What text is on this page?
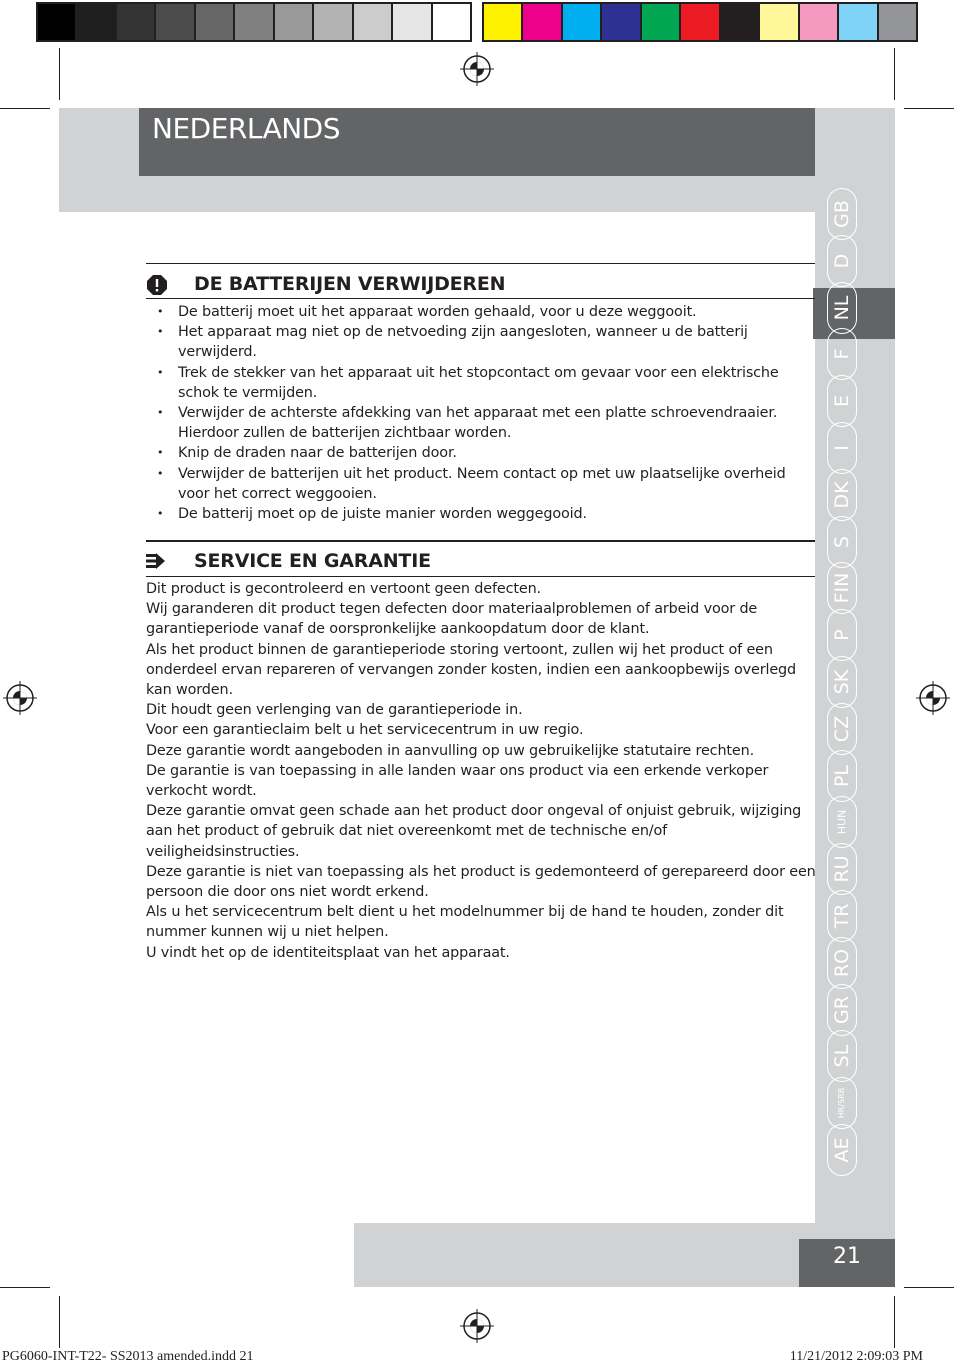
NEDERLANDS
DE BATTERIJEN VERWIJDEREN
• De batterij moet uit het apparaat worden gehaald, voor u deze weggooit.
• Het apparaat mag niet op de netvoeding zijn aangesloten, wanneer u de batterij verwijderd.
• Trek de stekker van het apparaat uit het stopcontact om gevaar voor een elektrische schok te vermijden.
• Verwijder de achterste afdekking van het apparaat met een platte schroevendraaier. Hierdoor zullen de batterijen zichtbaar worden.
• Knip de draden naar de batterijen door.
• Verwijder de batterijen uit het product. Neem contact op met uw plaatselijke overheid voor het correct weggooien.
• De batterij moet op de juiste manier worden weggegooid.
SERVICE EN GARANTIE

Dit product is gecontroleerd en vertoont geen defecten.

Wij garanderen dit product tegen defecten door materiaalproblemen of arbeid voor de garantieperiode vanaf de oorspronkelijke aankoopdatum door de klant.

Als het product binnen de garantieperiode storing vertoont, zullen wij het product of een onderdeel ervan repareren of vervangen zonder kosten, indien een aankoopbewijs overlegd kan worden.

Dit houdt geen verlenging van de garantieperiode in.

Voor een garantieclaim belt u het servicecentrum in uw regio.

Deze garantie wordt aangeboden in aanvulling op uw gebruikelijke statutaire rechten.

De garantie is van toepassing in alle landen waar ons product via een erkende verkoper verkocht wordt.

Deze garantie omvat geen schade aan het product door ongeval of onjuist gebruik, wijziging aan het product of gebruik dat niet overeenkomt met de technische en/of veiligheidsinstructies.

Deze garantie is niet van toepassing als het product is gedemonteerd of gerepareerd door een persoon die door ons niet wordt erkend.

Als u het servicecentrum belt dient u het modelnummer bij de hand te houden, zonder dit nummer kunnen wij u niet helpen.

U vindt het op de identiteitsplaat van het apparaat.

21
PG6060-INT-T22- SS2013 amended.indd 21	11/21/2012 2:09:03 PM
GB
D
NL
F
E
I
DK
S
FIN
P
SK
CZ
PL
HUN
RU
TR
RO
GR
SL
HR/SRB
AE
